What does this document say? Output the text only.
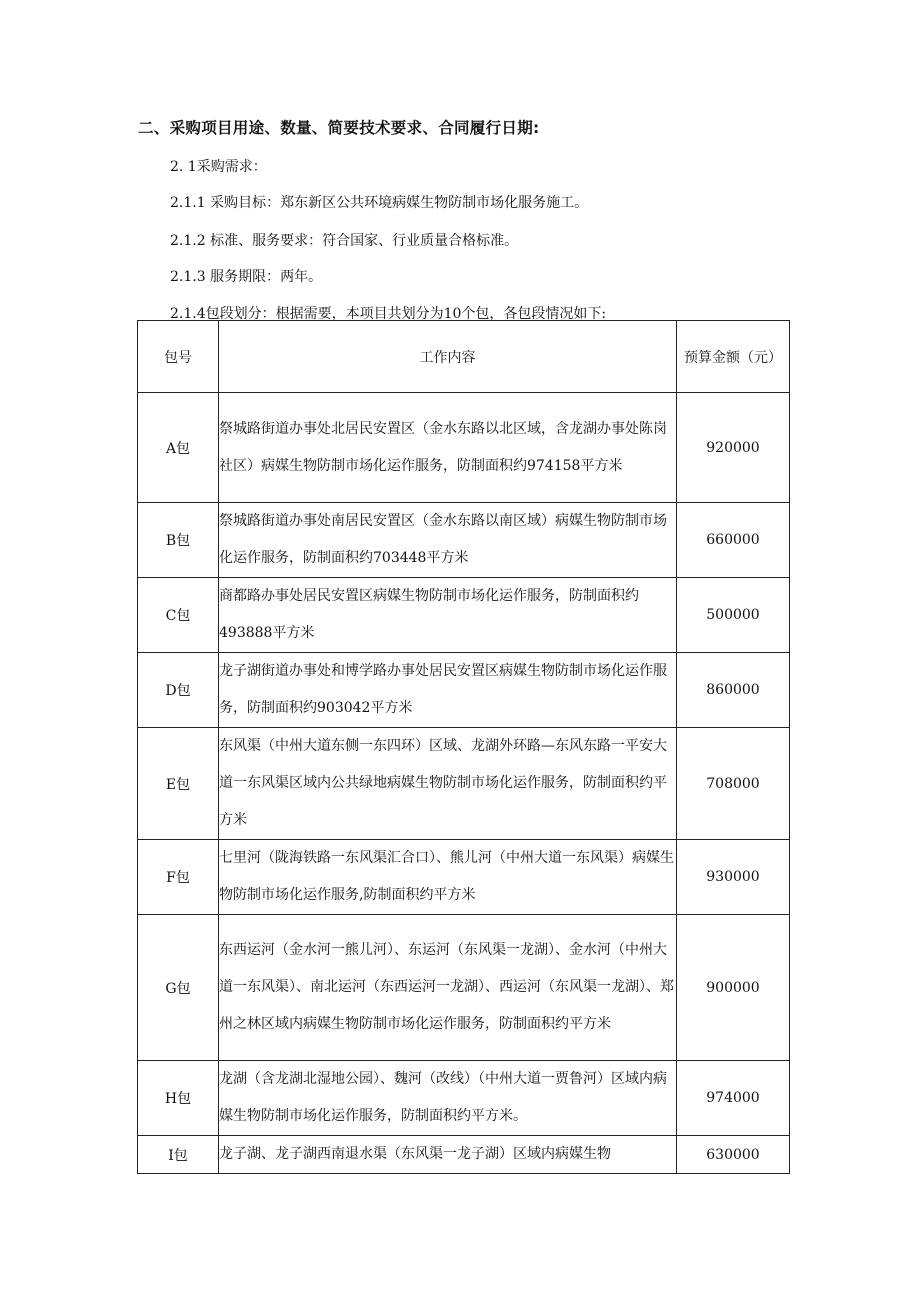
二、采购项目用途、数量、简要技术要求、合同履行日期:
2. 1采购需求：
2.1.1 采购目标：郑东新区公共环境病媒生物防制市场化服务施工。
2.1.2 标准、服务要求：符合国家、行业质量合格标准。
2.1.3 服务期限：两年。
2.1.4包段划分：根据需要，本项目共划分为10个包，各包段情况如下:
包号	工作内容	预算金额（元）
A包	祭城路街道办事处北居民安置区（金水东路以北区域，含龙湖办事处陈岗社区）病媒生物防制市场化运作服务，防制面积约974158平方米	920000
B包	祭城路街道办事处南居民安置区（金水东路以南区域）病媒生物防制市场化运作服务，防制面积约703448平方米	660000
C包	商都路办事处居民安置区病媒生物防制市场化运作服务，防制面积约493888平方米	500000
D包	龙子湖街道办事处和博学路办事处居民安置区病媒生物防制市场化运作服务，防制面积约903042平方米	860000
E包	东风渠（中州大道东侧一东四环）区域、龙湖外环路—东风东路一平安大道一东风渠区域内公共绿地病媒生物防制市场化运作服务，防制面积约平方米	708000
F包	七里河（陇海铁路一东风渠汇合口）、熊儿河（中州大道一东风渠）病媒生物防制市场化运作服务,防制面积约平方米	930000
G包	东西运河（金水河一熊儿河）、东运河（东风渠一龙湖）、金水河（中州大道一东风渠）、南北运河（东西运河一龙湖）、西运河（东风渠一龙湖）、郑州之林区域内病媒生物防制市场化运作服务，防制面积约平方米	900000
H包	龙湖（含龙湖北湿地公园）、魏河（改线）（中州大道一贾鲁河）区域内病媒生物防制市场化运作服务，防制面积约平方米。	974000
I包	龙子湖、龙子湖西南退水渠（东风渠一龙子湖）区域内病媒生物	630000
